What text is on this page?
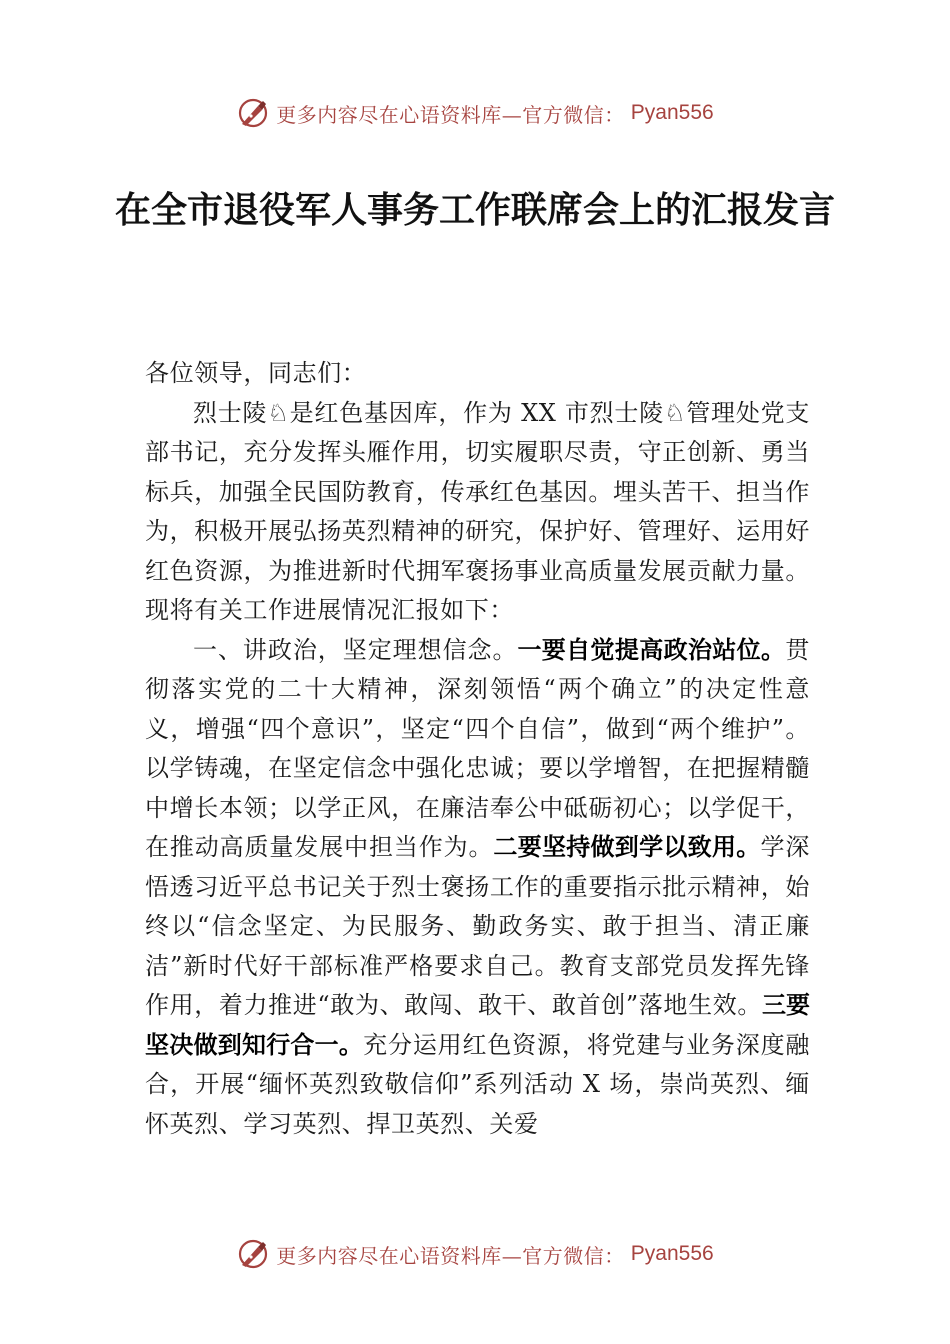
更多内容尽在心语资料库—官方微信： Pyan556
在全市退役军人事务工作联席会上的汇报发言

各位领导，同志们：

烈士陵♘是红色基因库，作为 XX 市烈士陵♘管理处党支部书记，充分发挥头雁作用，切实履职尽责，守正创新、勇当标兵，加强全民国防教育，传承红色基因。埋头苦干、担当作为，积极开展弘扬英烈精神的研究，保护好、管理好、运用好红色资源，为推进新时代拥军褒扬事业高质量发展贡献力量。现将有关工作进展情况汇报如下：

一、讲政治，坚定理想信念。一要自觉提高政治站位。贯彻落实党的二十大精神，深刻领悟“两个确立”的决定性意义，增强“四个意识”，坚定“四个自信”，做到“两个维护”。以学铸魂，在坚定信念中强化忠诚；要以学增智，在把握精髓中增长本领；以学正风，在廉洁奉公中砥砺初心；以学促干，在推动高质量发展中担当作为。二要坚持做到学以致用。学深悟透习近平总书记关于烈士褒扬工作的重要指示批示精神，始终以“信念坚定、为民服务、勤政务实、敢于担当、清正廉洁”新时代好干部标准严格要求自己。教育支部党员发挥先锋作用，着力推进“敢为、敢闯、敢干、敢首创”落地生效。三要坚决做到知行合一。充分运用红色资源，将党建与业务深度融合，开展“缅怀英烈致敬信仰”系列活动 X 场，崇尚英烈、缅怀英烈、学习英烈、捍卫英烈、关爱

更多内容尽在心语资料库—官方微信： Pyan556
